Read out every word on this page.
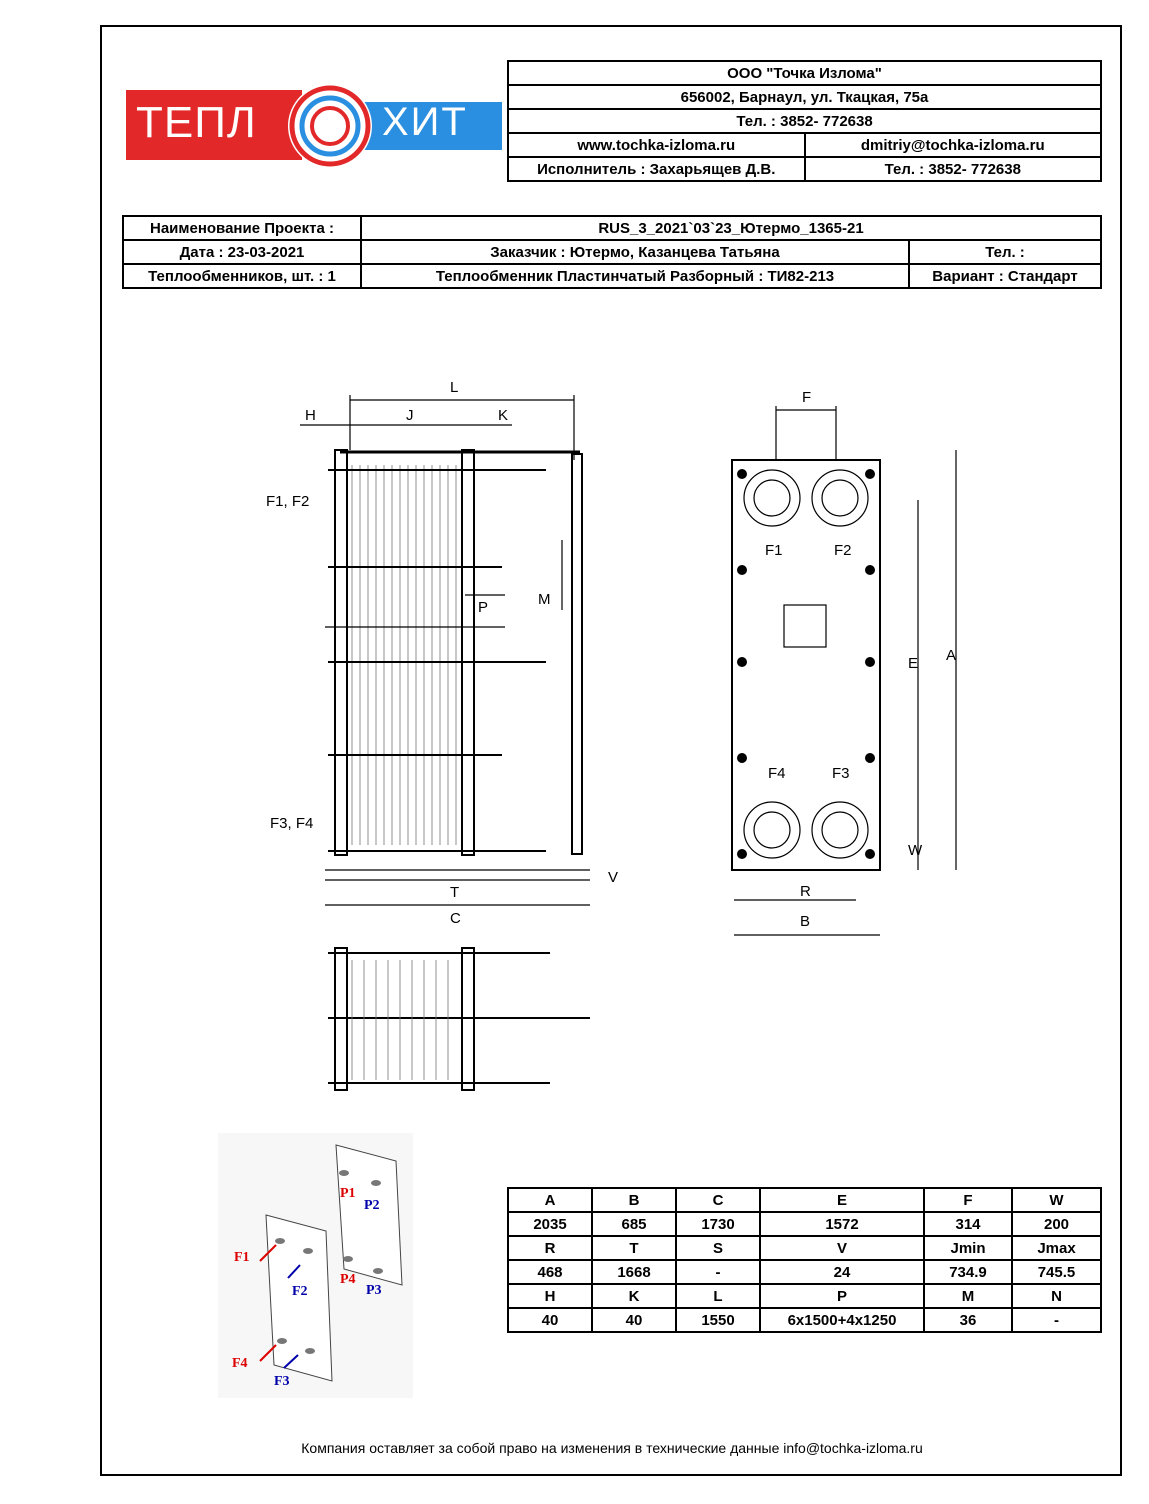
ТЕПЛ	ХИТ
ООО "Точка Излома"	
656002, Барнаул, ул. Ткацкая, 75а	
Тел. : 3852- 772638	
www.tochka-izloma.ru	dmitriy@tochka-izloma.ru
Исполнитель : Захарьящев Д.В.	Тел. : 3852- 772638
Наименование Проекта :	RUS_3_2021`03`23_Ютермо_1365-21	
Дата : 23-03-2021	Заказчик : Ютермо, Казанцева Татьяна	Тел. :
Теплообменников, шт. : 1	Теплообменник Пластинчатый Разборный : ТИ82-213	Вариант : Стандарт
L
H	J	K
F1, F2
F3, F4
P	M
T
C
V
F
F1	F2
F4	F3
E A
W
R
B
P1
P2
P4
P3
F1
F2
F4
F3
A	B	C	E	F	W
2035	685	1730	1572	314	200
R	T	S	V	Jmin	Jmax
468	1668	-	24	734.9	745.5
H	K	L	P	M	N
40	40	1550	6x1500+4x1250	36	-
Компания оставляет за собой право на изменения в технические данные info@tochka-izloma.ru
